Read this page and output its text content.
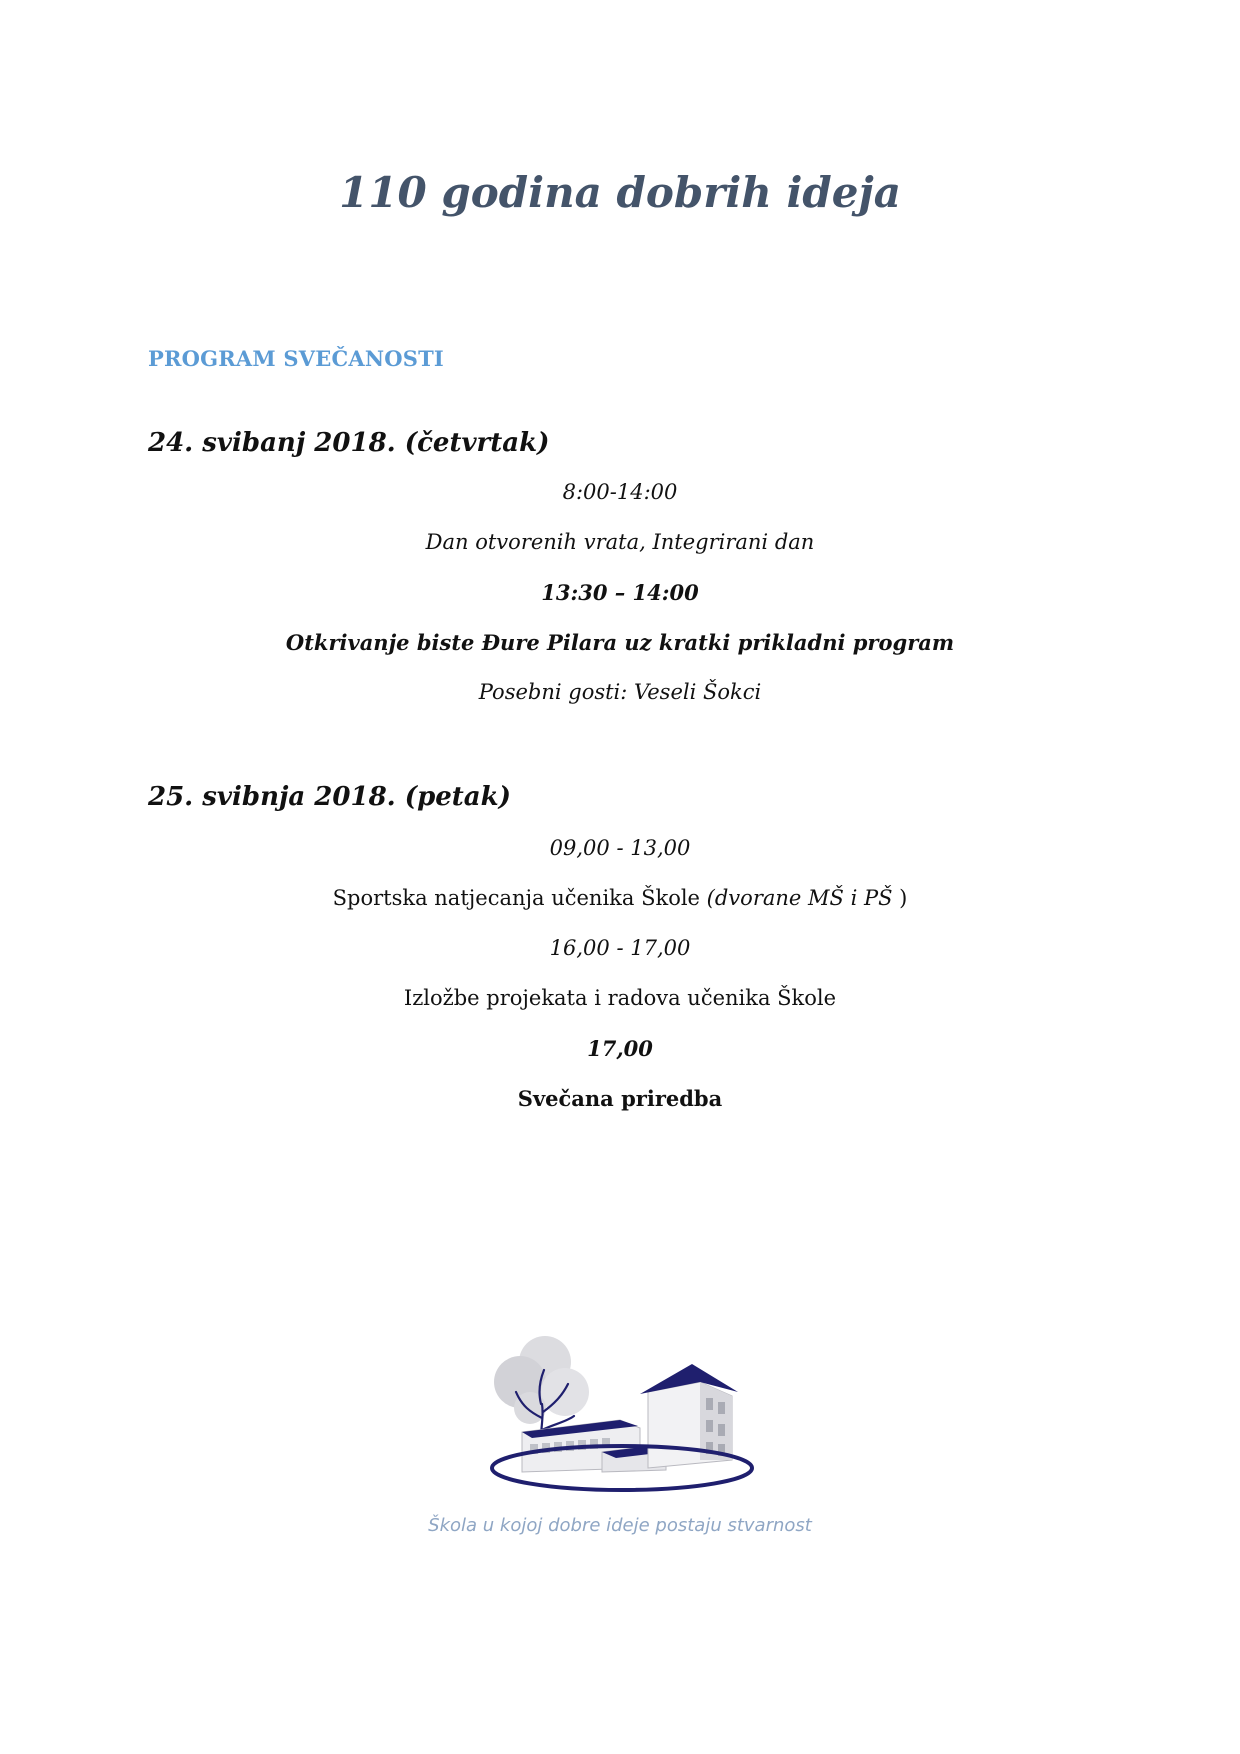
110 godina dobrih ideja
PROGRAM SVEČANOSTI
24. svibanj 2018. (četvrtak)

8:00-14:00

Dan otvorenih vrata, Integrirani dan

13:30 – 14:00

Otkrivanje biste Đure Pilara uz kratki prikladni program

Posebni gosti: Veseli Šokci

25. svibnja 2018. (petak)

09,00 - 13,00

Sportska natjecanja učenika Škole (dvorane MŠ i PŠ )

16,00 - 17,00

Izložbe projekata i radova učenika Škole

17,00

Svečana priredba

Škola u kojoj dobre ideje postaju stvarnost
